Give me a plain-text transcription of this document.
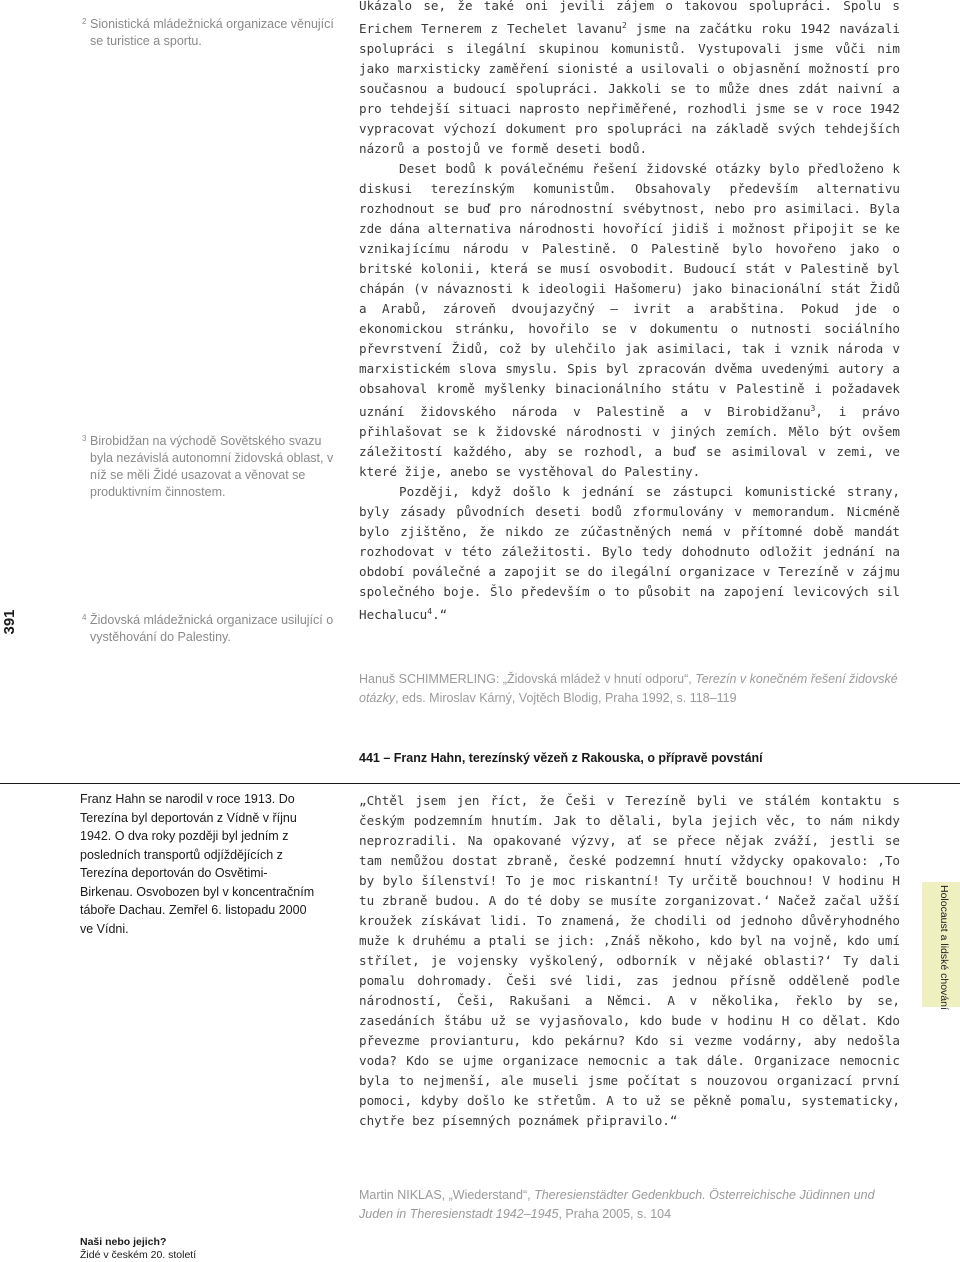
2 Sionistická mládežnická organizace věnující se turistice a sportu.
3 Birobidžan na východě Sovětského svazu byla nezávislá autonomní židovská oblast, v níž se měli Židé usazovat a věnovat se produktivním činnostem.
4 Židovská mládežnická organizace usilující o vystěhování do Palestiny.
391

Ukázalo se, že také oni jevili zájem o takovou spolupráci. Spolu s Erichem Ternerem z Techelet lavanu$^2$ jsme na začátku roku 1942 navázali spolupráci s ilegální skupinou komunistů. Vystupovali jsme vůči nim jako marxisticky zaměření sionisté a usilovali o objasnění možností pro současnou a budoucí spolupráci. Jakkoli se to může dnes zdát naivní a pro tehdejší situaci naprosto nepřiměřené, rozhodli jsme se v roce 1942 vypracovat výchozí dokument pro spolupráci na základě svých tehdejších názorů a postojů ve formě deseti bodů.

Deset bodů k poválečnému řešení židovské otázky bylo předloženo k diskusi terezínským komunistům. Obsahovaly především alternativu rozhodnout se buď pro národnostní svébytnost, nebo pro asimilaci. Byla zde dána alternativa národnosti hovořící jidiš i možnost připojit se ke vznikajícímu národu v Palestině. O Palestině bylo hovořeno jako o britské kolonii, která se musí osvobodit. Budoucí stát v Palestině byl chápán (v návaznosti k ideologii Hašomeru) jako binacionální stát Židů a Arabů, zároveň dvoujazyčný – ivrit a arabština. Pokud jde o ekonomickou stránku, hovořilo se v dokumentu o nutnosti sociálního převrstvení Židů, což by ulehčilo jak asimilaci, tak i vznik národa v marxistickém slova smyslu. Spis byl zpracován dvěma uvedenými autory a obsahoval kromě myšlenky binacionálního státu v Palestině i požadavek uznání židovského národa v Palestině a v Birobidžanu$^3$, i právo přihlašovat se k židovské národnosti v jiných zemích. Mělo být ovšem záležitostí každého, aby se rozhodl, a buď se asimiloval v zemi, ve které žije, anebo se vystěhoval do Palestiny.

Později, když došlo k jednání se zástupci komunistické strany, byly zásady původních deseti bodů zformulovány v memorandum. Nicméně bylo zjištěno, že nikdo ze zúčastněných nemá v přítomné době mandát rozhodovat v této záležitosti. Bylo tedy dohodnuto odložit jednání na období poválečné a zapojit se do ilegální organizace v Terezíně v zájmu společného boje. Šlo především o to působit na zapojení levicových sil Hechalucu$^4$.“

Hanuš SCHIMMERLING: „Židovská mládež v hnutí odporu“, Terezín v konečném řešení židovské otázky, eds. Miroslav Kárný, Vojtěch Blodig, Praha 1992, s. 118–119
441 – Franz Hahn, terezínský vězeň z Rakouska, o přípravě povstání
Franz Hahn se narodil v roce 1913. Do Terezína byl deportován z Vídně v říjnu 1942. O dva roky později byl jedním z posledních transportů odjíždějících z Terezína deportován do Osvětimi-Birkenau. Osvobozen byl v koncentračním táboře Dachau. Zemřel 6. listopadu 2000 ve Vídni.

„Chtěl jsem jen říct, že Češi v Terezíně byli ve stálém kontaktu s českým podzemním hnutím. Jak to dělali, byla jejich věc, to nám nikdy neprozradili. Na opakované výzvy, ať se přece nějak zváží, jestli se tam nemůžou dostat zbraně, české podzemní hnutí vždycky opakovalo: ‚To by bylo šílenství! To je moc riskantní! Ty určitě bouchnou! V hodinu H tu zbraně budou. A do té doby se musíte zorganizovat.‘ Načež začal užší kroužek získávat lidi. To znamená, že chodili od jednoho důvěryhodného muže k druhému a ptali se jich: ‚Znáš někoho, kdo byl na vojně, kdo umí střílet, je vojensky vyškolený, odborník v nějaké oblasti?‘ Ty dali pomalu dohromady. Češi své lidi, zas jednou přísně odděleně podle národností, Češi, Rakušani a Němci. A v několika, řeklo by se, zasedáních štábu už se vyjasňovalo, kdo bude v hodinu H co dělat. Kdo převezme provianturu, kdo pekárnu? Kdo si vezme vodárny, aby nedošla voda? Kdo se ujme organizace nemocnic a tak dále. Organizace nemocnic byla to nejmenší, ale museli jsme počítat s nouzovou organizací první pomoci, kdyby došlo ke střetům. A to už se pěkně pomalu, systematicky, chytře bez písemných poznámek připravilo.“

Martin NIKLAS, „Wiederstand“, Theresienstädter Gedenkbuch. Österreichische Jüdinnen und Juden in Theresienstadt 1942–1945, Praha 2005, s. 104
Holocaust a lidské chování
Naši nebo jejich?
Židé v českém 20. století
